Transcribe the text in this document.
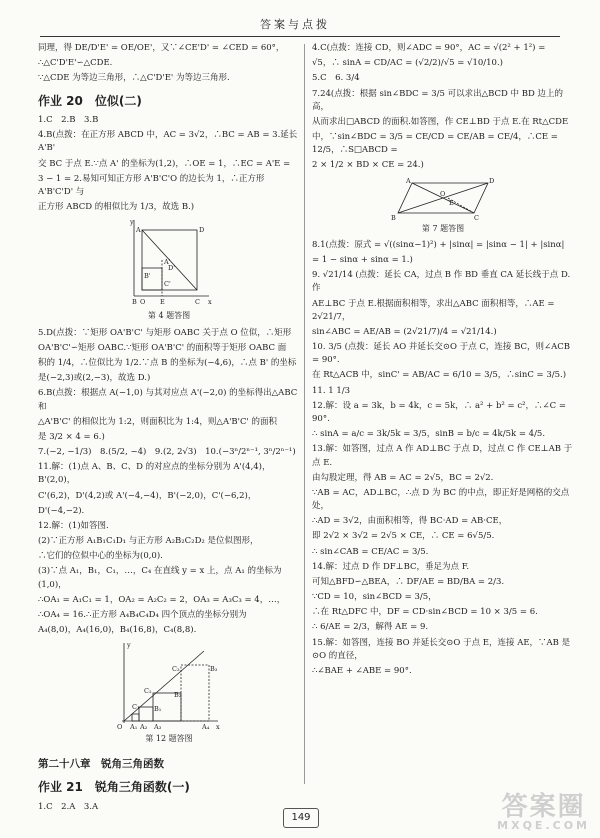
答案与点拨

同理，得 DE/D'E' = OE/OE'，又∵∠CE'D' = ∠CED = 60°，

∴△C'D'E'∽△CDE.

∵△CDE 为等边三角形，∴△C'D'E' 为等边三角形.

作业 20　位似(二)

1.C　2.B　3.B

4.B(点拨：在正方形 ABCD 中，AC = 3√2，∴BC = AB = 3.延长 A'B'

交 BC 于点 E.∵点 A' 的坐标为(1,2)，∴OE = 1，∴EC = A'E =

3 − 1 = 2.易知可知正方形 A'B'C'O 的边长为 1，∴正方形 A'B'C'D' 与

正方形 ABCD 的相似比为 1/3，故选 B.)

y
A	D
A'
D'
B'
C'
B O E	C x
第 4 题答图

5.D(点拨：∵矩形 OA'B'C' 与矩形 OABC 关于点 O 位似，∴矩形

OA'B'C'∽矩形 OABC.∵矩形 OA'B'C' 的面积等于矩形 OABC 面

积的 1/4，∴位似比为 1/2.∵点 B 的坐标为(−4,6)，∴点 B' 的坐标

是(−2,3)或(2,−3)，故选 D.)

6.B(点拨：根据点 A(−1,0) 与其对应点 A'(−2,0) 的坐标得出△ABC 和

△A'B'C' 的相似比为 1:2，则面积比为 1:4，则△A'B'C' 的面积

是 3/2 × 4 = 6.)

7.(−2, −1/3)　8.(5/2, −4)　9.(2, 2√3)　10.(−3ⁿ/2ⁿ⁻¹, 3ⁿ/2ⁿ⁻¹)

11.解：(1)点 A、B、C、D 的对应点的坐标分别为 A'(4,4)，B'(2,0)，

C'(6,2)，D'(4,2)或 A'(−4,−4)，B'(−2,0)，C'(−6,2)，

D'(−4,−2).

12.解：(1)如答图.

(2)∵正方形 A₁B₁C₁D₁ 与正方形 A₂B₂C₂D₂ 是位似图形，

∴它们的位似中心的坐标为(0,0).

(3)∵点 A₁，B₁，C₁，…，C₄ 在直线 y = x 上，点 A₁ 的坐标为(1,0)，

∴OA₁ = A₁C₁ = 1，OA₂ = A₂C₂ = 2，OA₃ = A₃C₃ = 4，…，

∴OA₄ = 16.∴正方形 A₄B₄C₄D₄ 四个顶点的坐标分别为

A₄(8,0)，A₄(16,0)，B₄(16,8)，C₄(8,8).

y
C₃	B₃
C₂	B₂
C₁ B₁
O A₁ A₂ A₃	A₄ x
第 12 题答图
第二十八章　锐角三角函数
作业 21　锐角三角函数(一)

1.C　2.A　3.A

4.C(点拨：连接 CD，则∠ADC = 90°，AC = √(2² + 1²) =

√5，∴ sinA = CD/AC = (√2/2)/√5 = √10/10.)

5.C　6. 3/4

7.24(点拨：根据 sin∠BDC = 3/5 可以求出△BCD 中 BD 边上的高，

从而求出□ABCD 的面积.如答图，作 CE⊥BD 于点 E.在 Rt△CDE

中，∵sin∠BDC = 3/5 = CE/CD = CE/AB = CE/4，∴CE = 12/5，∴S□ABCD =

2 × 1/2 × BD × CE = 24.)

A	D
O
E
B	C
第 7 题答图

8.1(点拨：原式 = √((sinα−1)²) + |sinα| = |sinα − 1| + |sinα|

= 1 − sinα + sinα = 1.)

9. √21/14 (点拨：延长 CA，过点 B 作 BD 垂直 CA 延长线于点 D.作

AE⊥BC 于点 E.根据面积相等，求出△ABC 面积相等，∴AE = 2√21/7，

sin∠ABC = AE/AB = (2√21/7)/4 = √21/14.)

10. 3/5 (点拨：延长 AO 并延长交⊙O 于点 C，连接 BC，则∠ACB = 90°.

在 Rt△ACB 中，sinC' = AB/AC = 6/10 = 3/5，∴sinC = 3/5.)

11. 1 1/3

12.解：设 a = 3k，b = 4k，c = 5k，∴ a² + b² = c²，∴∠C = 90°.

∴ sinA = a/c = 3k/5k = 3/5，sinB = b/c = 4k/5k = 4/5.

13.解：如答图，过点 A 作 AD⊥BC 于点 D，过点 C 作 CE⊥AB 于点 E.

由勾股定理，得 AB = AC = 2√5，BC = 2√2.

∵AB = AC，AD⊥BC，∴点 D 为 BC 的中点，即正好是网格的交点处，

∴AD = 3√2，由面积相等，得 BC·AD = AB·CE，

即 2√2 × 3√2 = 2√5 × CE，∴ CE = 6√5/5.

∴ sin∠CAB = CE/AC = 3/5.

14.解：过点 D 作 DF⊥BC，垂足为点 F.

可知△BFD∽△BEA，∴ DF/AE = BD/BA = 2/3.

∵CD = 10，sin∠BCD = 3/5，

∴在 Rt△DFC 中，DF = CD·sin∠BCD = 10 × 3/5 = 6.

∴ 6/AE = 2/3，解得 AE = 9.

15.解：如答图，连接 BO 并延长交⊙O 于点 E，连接 AE，∵AB 是⊙O 的直径，

∴∠BAE + ∠ABE = 90°.

149	答案圈
MXQE.COM
